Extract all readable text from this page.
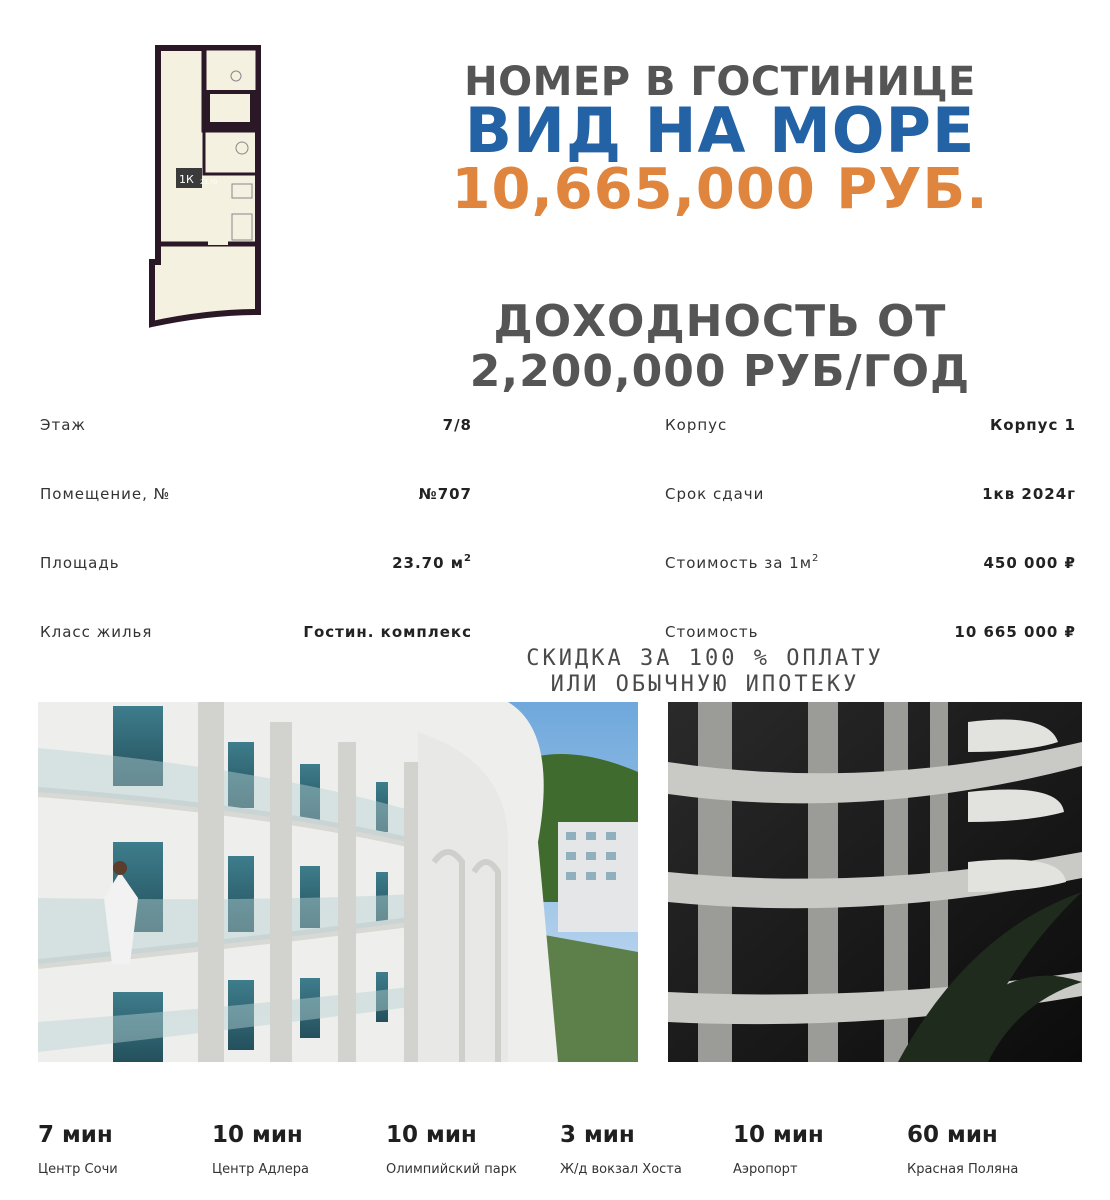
1К 23.70
НОМЕР В ГОСТИНИЦЕ
ВИД НА МОРЕ
10,665,000 РУБ.
ДОХОДНОСТЬ ОТ
2,200,000 РУБ/ГОД
Этаж	7/8
Помещение, №	№707
Площадь	23.70 $м^2$
Класс жилья	Гостин. комплекс
Корпус	Корпус 1
Срок сдачи	1кв 2024г
Стоимость за $1м^2$	450 000 ₽
Стоимость	10 665 000 ₽
СКИДКА ЗА 100 % ОПЛАТУ
ИЛИ ОБЫЧНУЮ ИПОТЕКУ
7 мин
Центр Сочи
10 мин
Центр Адлера
10 мин
Олимпийский парк
3 мин
Ж/д вокзал Хоста
10 мин
Аэропорт
60 мин
Красная Поляна
